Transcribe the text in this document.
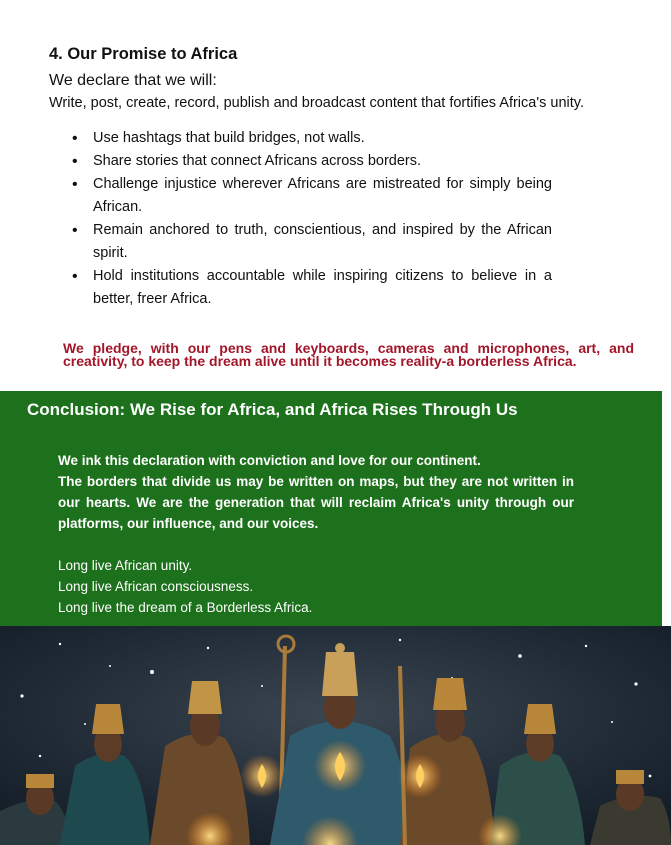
4. Our Promise to Africa

We declare that we will:

Write, post, create, record, publish and broadcast content that fortifies Africa's unity.

• Use hashtags that build bridges, not walls.
• Share stories that connect Africans across borders.
• Challenge injustice wherever Africans are mistreated for simply being African.
• Remain anchored to truth, conscientious, and inspired by the African spirit.
• Hold institutions accountable while inspiring citizens to believe in a better, freer Africa.

We pledge, with our pens and keyboards, cameras and microphones, art, and creativity, to keep the dream alive until it becomes reality-a borderless Africa.

Conclusion: We Rise for Africa, and Africa Rises Through Us

We ink this declaration with conviction and love for our continent.

The borders that divide us may be written on maps, but they are not written in our hearts. We are the generation that will reclaim Africa's unity through our platforms, our influence, and our voices.

Long live African unity.
Long live African consciousness.
Long live the dream of a Borderless Africa.
